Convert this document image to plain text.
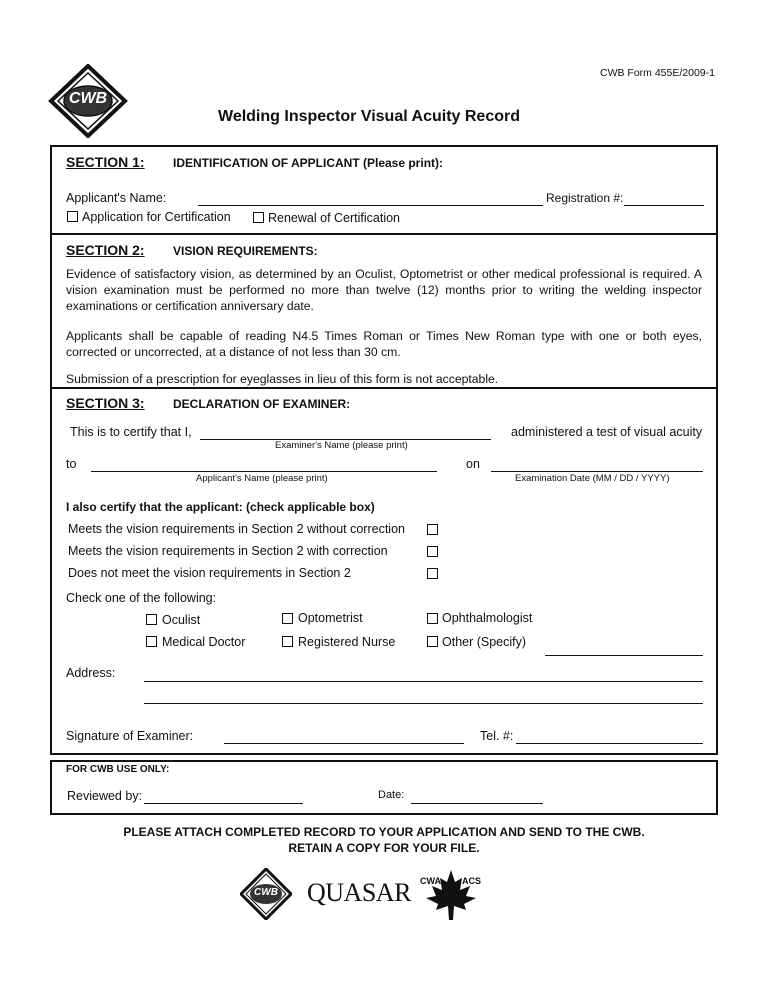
CWB
CWB Form 455E/2009-1
Welding Inspector Visual Acuity Record
SECTION 1: IDENTIFICATION OF APPLICANT (Please print):
Applicant's Name:	Registration #:
Application for Certification	Renewal of Certification
SECTION 2: VISION REQUIREMENTS:
Evidence of satisfactory vision, as determined by an Oculist, Optometrist or other medical professional is required. A vision examination must be performed no more than twelve (12) months prior to writing the welding inspector examinations or certification anniversary date.
Applicants shall be capable of reading N4.5 Times Roman or Times New Roman type with one or both eyes, corrected or uncorrected, at a distance of not less than 30 cm.
Submission of a prescription for eyeglasses in lieu of this form is not acceptable.
SECTION 3: DECLARATION OF EXAMINER:
This is to certify that I,
Examiner's Name (please print)
administered a test of visual acuity
to
Applicant's Name (please print)
on
Examination Date (MM / DD / YYYY)
I also certify that the applicant: (check applicable box)
Meets the vision requirements in Section 2 without correction
Meets the vision requirements in Section 2 with correction
Does not meet the vision requirements in Section 2
Check one of the following:
Oculist	Optometrist	Ophthalmologist
Medical Doctor	Registered Nurse	Other (Specify)
Address:
Signature of Examiner:	Tel. #:
FOR CWB USE ONLY:
Reviewed by:	Date:
PLEASE ATTACH COMPLETED RECORD TO YOUR APPLICATION AND SEND TO THE CWB.
RETAIN A COPY FOR YOUR FILE.
CWB QUASAR CWA ACS
